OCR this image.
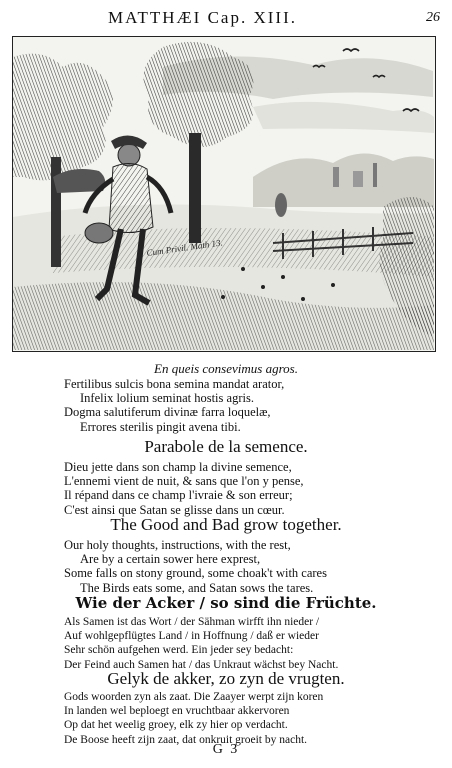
MATTHÆI Cap. XIII.	26
Cum Privil. Math 13.
En queis consevimus agros.
Fertilibus sulcis bona semina mandat arator,
Infelix lolium seminat hostis agris.
Dogma salutiferum divinæ farra loquelæ,
Errores sterilis pingit avena tibi.
Parabole de la semence.
Dieu jette dans son champ la divine semence,
L'ennemi vient de nuit, & sans que l'on y pense,
Il répand dans ce champ l'ivraie & son erreur;
C'est ainsi que Satan se glisse dans un cœur.
The Good and Bad grow together.
Our holy thoughts, instructions, with the rest,
Are by a certain sower here exprest,
Some falls on stony ground, some choak't with cares
The Birds eats some, and Satan sows the tares.
Wie der Acker / so sind die Früchte.
Als Samen ist das Wort / der Sähman wirfft ihn nieder /
Auf wohlgepflügtes Land / in Hoffnung / daß er wieder
Sehr schön aufgehen werd. Ein jeder sey bedacht:
Der Feind auch Samen hat / das Unkraut wächst bey Nacht.
Gelyk de akker, zo zyn de vrugten.
Gods woorden zyn als zaat. Die Zaayer werpt zijn koren
In landen wel beploegt en vruchtbaar akkervoren
Op dat het weelig groey, elk zy hier op verdacht.
De Boose heeft zijn zaat, dat onkruit groeit by nacht.
G 3
